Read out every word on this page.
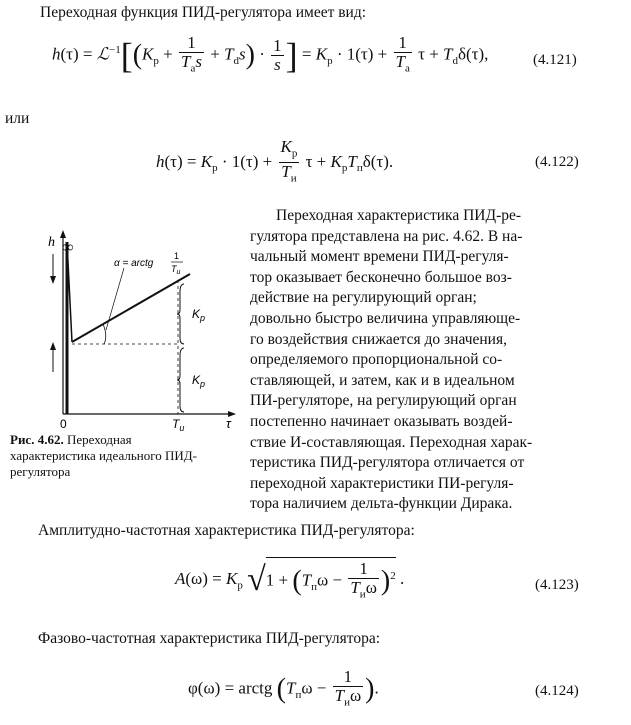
Переходная функция ПИД-регулятора имеет вид:
$h(\tau) = ℒ^{-1}[(K_p + \frac{1}{T_as} + T_ds) \cdot \frac{1}{s}$ ] = $K_p \cdot 1(\tau) + \frac{1}{T_a}$ $\tau + T_d\delta(\tau)$,	(4.121)
или
$h(\tau) = K_p \cdot 1(\tau) + \frac{K_p}{T_и}$ $\tau + K_pT_п\delta(\tau)$.	(4.122)
h ∞
0	τ
$T_и$
$K_p$
$K_p$
α = arctg
1
$T_и$
Рис. 4.62. Переходная характеристика идеального ПИД-регулятора
Переходная характеристика ПИД-ре-
гулятора представлена на рис. 4.62. В на-
чальный момент времени ПИД-регуля-
тор оказывает бесконечно большое воз-
действие на регулирующий орган;
довольно быстро величина управляюще-
го воздействия снижается до значения,
определяемого пропорциональной со-
ставляющей, и затем, как и в идеальном
ПИ-регуляторе, на регулирующий орган
постепенно начинает оказывать воздей-
ствие И-составляющая. Переходная харак-
теристика ПИД-регулятора отличается от
переходной характеристики ПИ-регуля-
тора наличием дельта-функции Дирака.
Амплитудно-частотная характеристика ПИД-регулятора:
$A(\omega) = K_p$ $√1 + (T_п\omega - \frac{1}{T_и\omega} )^2$ .	(4.123)
Фазово-частотная характеристика ПИД-регулятора:
φ(ω) = arctg ($T_п\omega - \frac{1}{T_и\omega}$ ).	(4.124)
